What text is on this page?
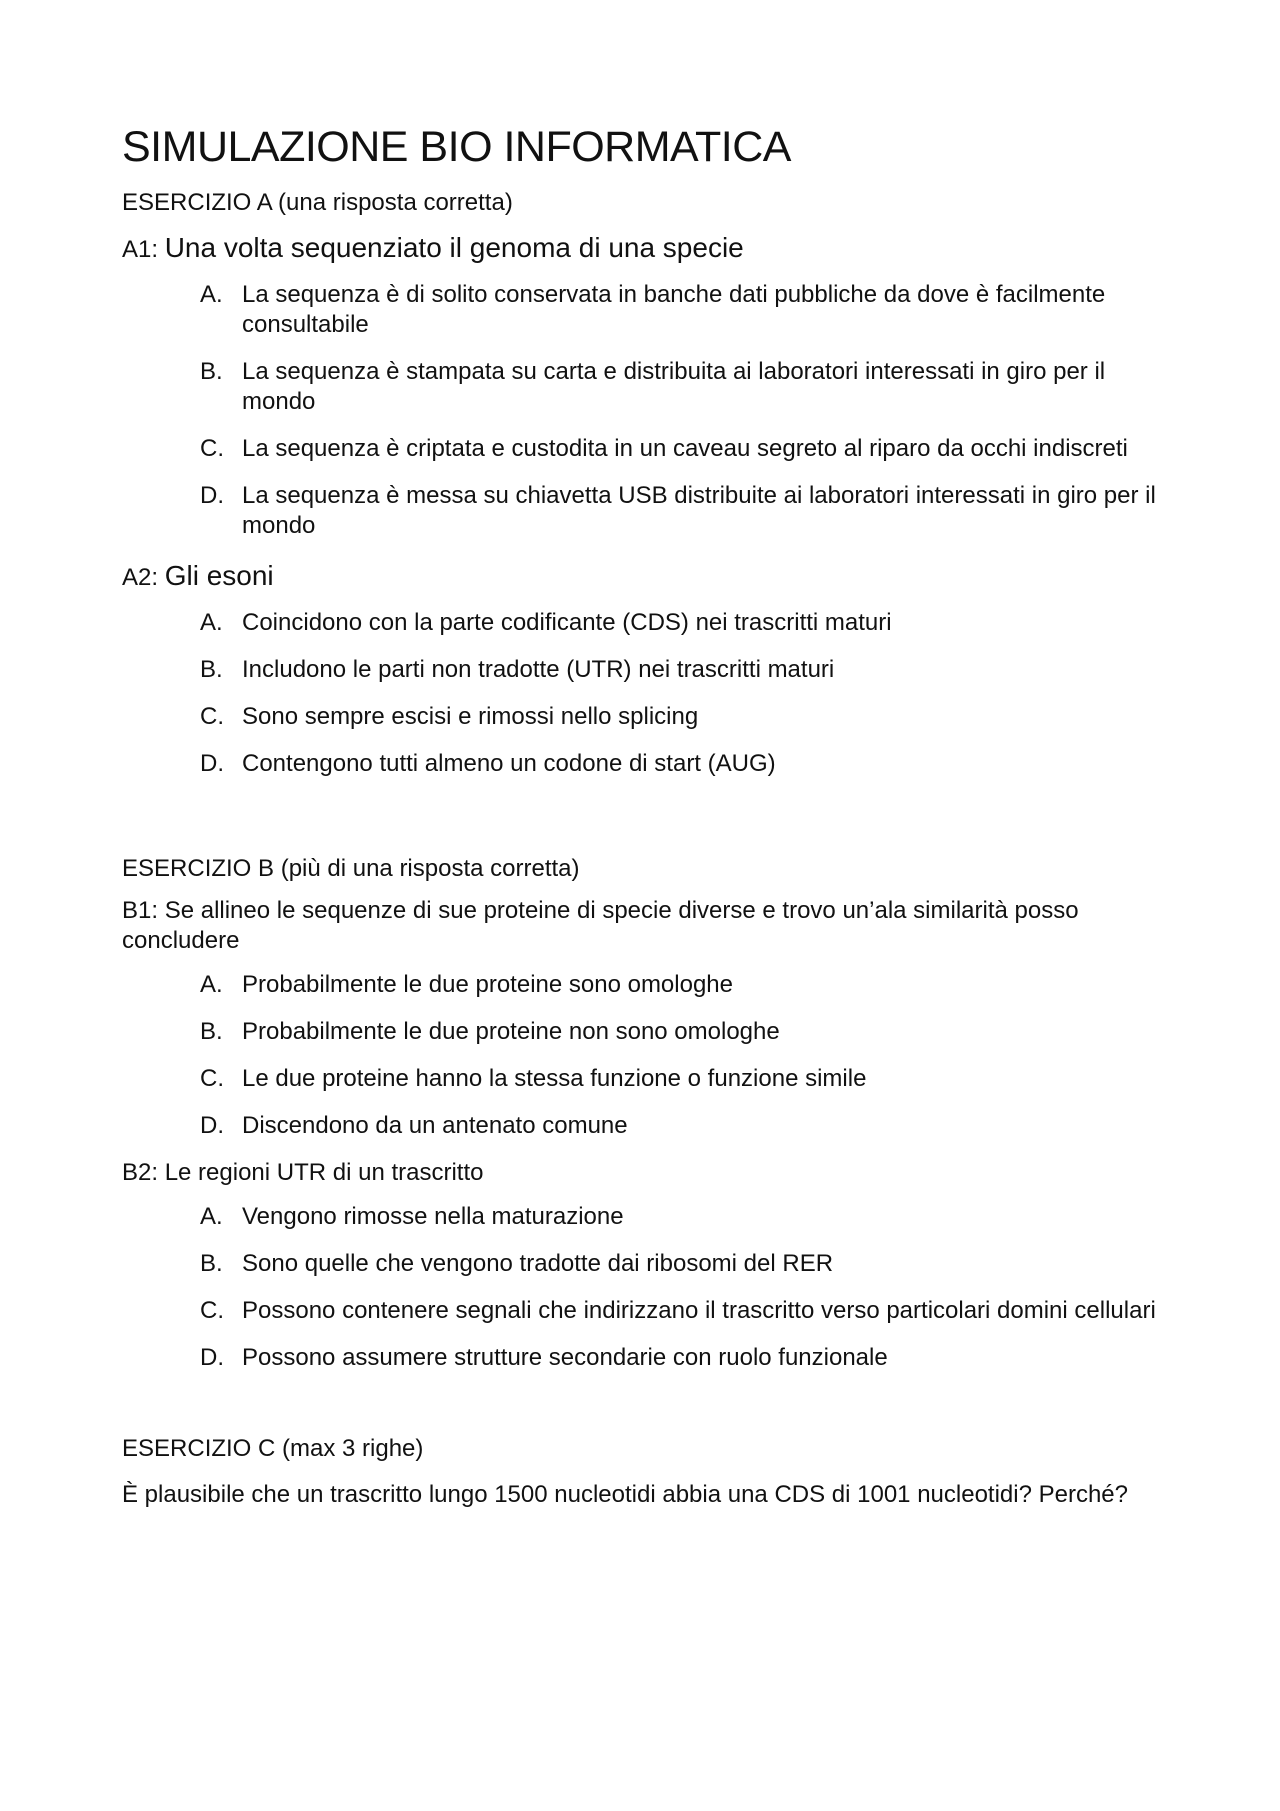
SIMULAZIONE BIO INFORMATICA
ESERCIZIO A (una risposta corretta)
A1: Una volta sequenziato il genoma di una specie
A. La sequenza è di solito conservata in banche dati pubbliche da dove è facilmente consultabile
B. La sequenza è stampata su carta e distribuita ai laboratori interessati in giro per il mondo
C. La sequenza è criptata e custodita in un caveau segreto al riparo da occhi indiscreti
D. La sequenza è messa su chiavetta USB distribuite ai laboratori interessati in giro per il mondo
A2: Gli esoni
A. Coincidono con la parte codificante (CDS) nei trascritti maturi
B. Includono le parti non tradotte (UTR) nei trascritti maturi
C. Sono sempre escisi e rimossi nello splicing
D. Contengono tutti almeno un codone di start (AUG)
ESERCIZIO B (più di una risposta corretta)
B1: Se allineo le sequenze di sue proteine di specie diverse e trovo un’ala similarità posso concludere
A. Probabilmente le due proteine sono omologhe
B. Probabilmente le due proteine non sono omologhe
C. Le due proteine hanno la stessa funzione o funzione simile
D. Discendono da un antenato comune
B2: Le regioni UTR di un trascritto
A. Vengono rimosse nella maturazione
B. Sono quelle che vengono tradotte dai ribosomi del RER
C. Possono contenere segnali che indirizzano il trascritto verso particolari domini cellulari
D. Possono assumere strutture secondarie con ruolo funzionale
ESERCIZIO C (max 3 righe)
È plausibile che un trascritto lungo 1500 nucleotidi abbia una CDS di 1001 nucleotidi? Perché?
